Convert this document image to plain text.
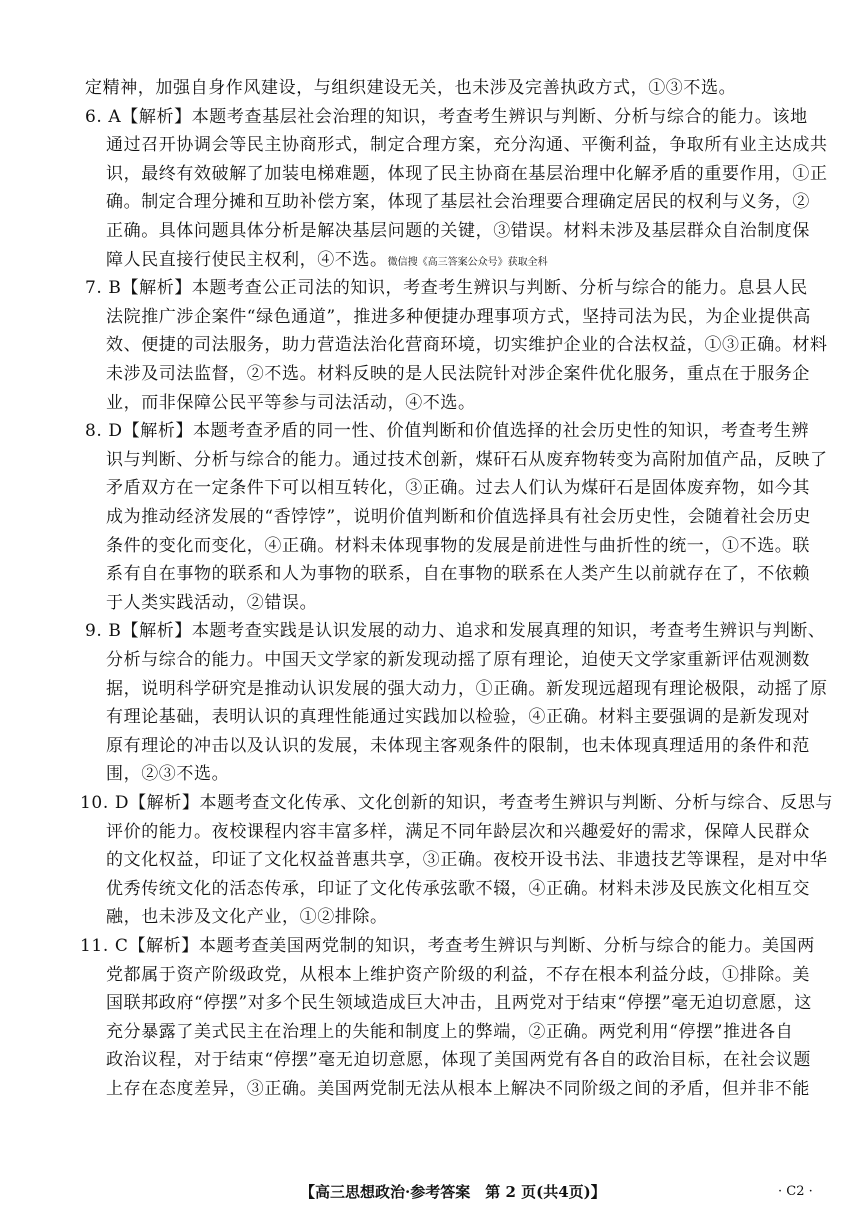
定精神，加强自身作风建设，与组织建设无关，也未涉及完善执政方式，①③不选。
6. A【解析】本题考查基层社会治理的知识，考查考生辨识与判断、分析与综合的能力。该地
通过召开协调会等民主协商形式，制定合理方案，充分沟通、平衡利益，争取所有业主达成共
识，最终有效破解了加装电梯难题，体现了民主协商在基层治理中化解矛盾的重要作用，①正
确。制定合理分摊和互助补偿方案，体现了基层社会治理要合理确定居民的权利与义务，②
正确。具体问题具体分析是解决基层问题的关键，③错误。材料未涉及基层群众自治制度保
障人民直接行使民主权利，④不选。微信搜《高三答案公众号》获取全科
7. B【解析】本题考查公正司法的知识，考查考生辨识与判断、分析与综合的能力。息县人民
法院推广涉企案件“绿色通道”，推进多种便捷办理事项方式，坚持司法为民，为企业提供高
效、便捷的司法服务，助力营造法治化营商环境，切实维护企业的合法权益，①③正确。材料
未涉及司法监督，②不选。材料反映的是人民法院针对涉企案件优化服务，重点在于服务企
业，而非保障公民平等参与司法活动，④不选。
8. D【解析】本题考查矛盾的同一性、价值判断和价值选择的社会历史性的知识，考查考生辨
识与判断、分析与综合的能力。通过技术创新，煤矸石从废弃物转变为高附加值产品，反映了
矛盾双方在一定条件下可以相互转化，③正确。过去人们认为煤矸石是固体废弃物，如今其
成为推动经济发展的“香饽饽”，说明价值判断和价值选择具有社会历史性，会随着社会历史
条件的变化而变化，④正确。材料未体现事物的发展是前进性与曲折性的统一，①不选。联
系有自在事物的联系和人为事物的联系，自在事物的联系在人类产生以前就存在了，不依赖
于人类实践活动，②错误。
9. B【解析】本题考查实践是认识发展的动力、追求和发展真理的知识，考查考生辨识与判断、
分析与综合的能力。中国天文学家的新发现动摇了原有理论，迫使天文学家重新评估观测数
据，说明科学研究是推动认识发展的强大动力，①正确。新发现远超现有理论极限，动摇了原
有理论基础，表明认识的真理性能通过实践加以检验，④正确。材料主要强调的是新发现对
原有理论的冲击以及认识的发展，未体现主客观条件的限制，也未体现真理适用的条件和范
围，②③不选。
10. D【解析】本题考查文化传承、文化创新的知识，考查考生辨识与判断、分析与综合、反思与
评价的能力。夜校课程内容丰富多样，满足不同年龄层次和兴趣爱好的需求，保障人民群众
的文化权益，印证了文化权益普惠共享，③正确。夜校开设书法、非遗技艺等课程，是对中华
优秀传统文化的活态传承，印证了文化传承弦歌不辍，④正确。材料未涉及民族文化相互交
融，也未涉及文化产业，①②排除。
11. C【解析】本题考查美国两党制的知识，考查考生辨识与判断、分析与综合的能力。美国两
党都属于资产阶级政党，从根本上维护资产阶级的利益，不存在根本利益分歧，①排除。美
国联邦政府“停摆”对多个民生领域造成巨大冲击，且两党对于结束“停摆”毫无迫切意愿，这
充分暴露了美式民主在治理上的失能和制度上的弊端，②正确。两党利用“停摆”推进各自
政治议程，对于结束“停摆”毫无迫切意愿，体现了美国两党有各自的政治目标，在社会议题
上存在态度差异，③正确。美国两党制无法从根本上解决不同阶级之间的矛盾，但并非不能
【高三思想政治·参考答案　第 2 页(共4页)】	· C2 ·
